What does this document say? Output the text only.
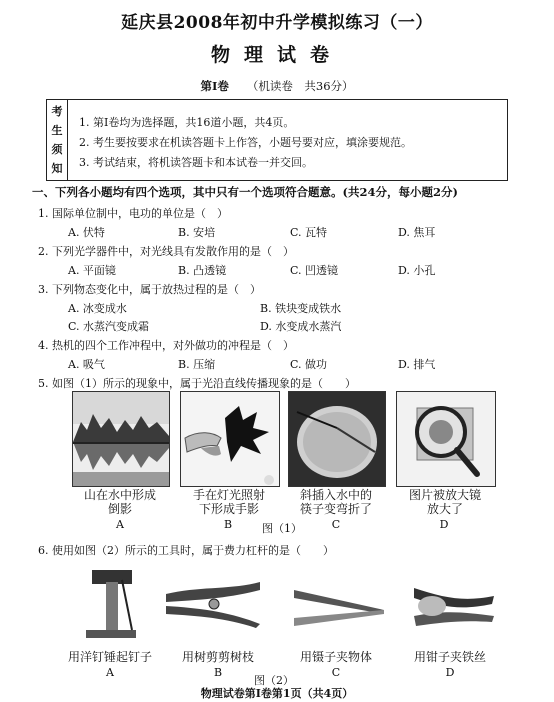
延庆县2008年初中升学模拟练习（一）
物理试卷
第Ⅰ卷 （机读卷　共36分）
考
生
须
知
1. 第Ⅰ卷均为选择题，共16道小题，共4页。
2. 考生要按要求在机读答题卡上作答，小题号要对应，填涂要规范。
3. 考试结束，将机读答题卡和本试卷一并交回。
一、下列各小题均有四个选项，其中只有一个选项符合题意。(共24分，每小题2分)
1. 国际单位制中，电功的单位是（　）
A. 伏特	B. 安培	C. 瓦特	D. 焦耳
2. 下列光学器件中，对光线具有发散作用的是（　）
A. 平面镜	B. 凸透镜	C. 凹透镜	D. 小孔
3. 下列物态变化中，属于放热过程的是（　）
A. 冰变成水	B. 铁块变成铁水
C. 水蒸汽变成霜	D. 水变成水蒸汽
4. 热机的四个工作冲程中，对外做功的冲程是（　）
A. 吸气	B. 压缩	C. 做功	D. 排气
5. 如图（1）所示的现象中，属于光沿直线传播现象的是（　　）
山在水中形成
倒影
手在灯光照射
下形成手影
斜插入水中的
筷子变弯折了
图片被放大镜
放大了
A	B	图（1）	C	D
6. 使用如图（2）所示的工具时，属于费力杠杆的是（　　）
用洋钉锤起钉子	用树剪剪树枝	用镊子夹物体	用钳子夹铁丝
A	B	C	D
图（2）
物理试卷第Ⅰ卷第1页（共4页）
